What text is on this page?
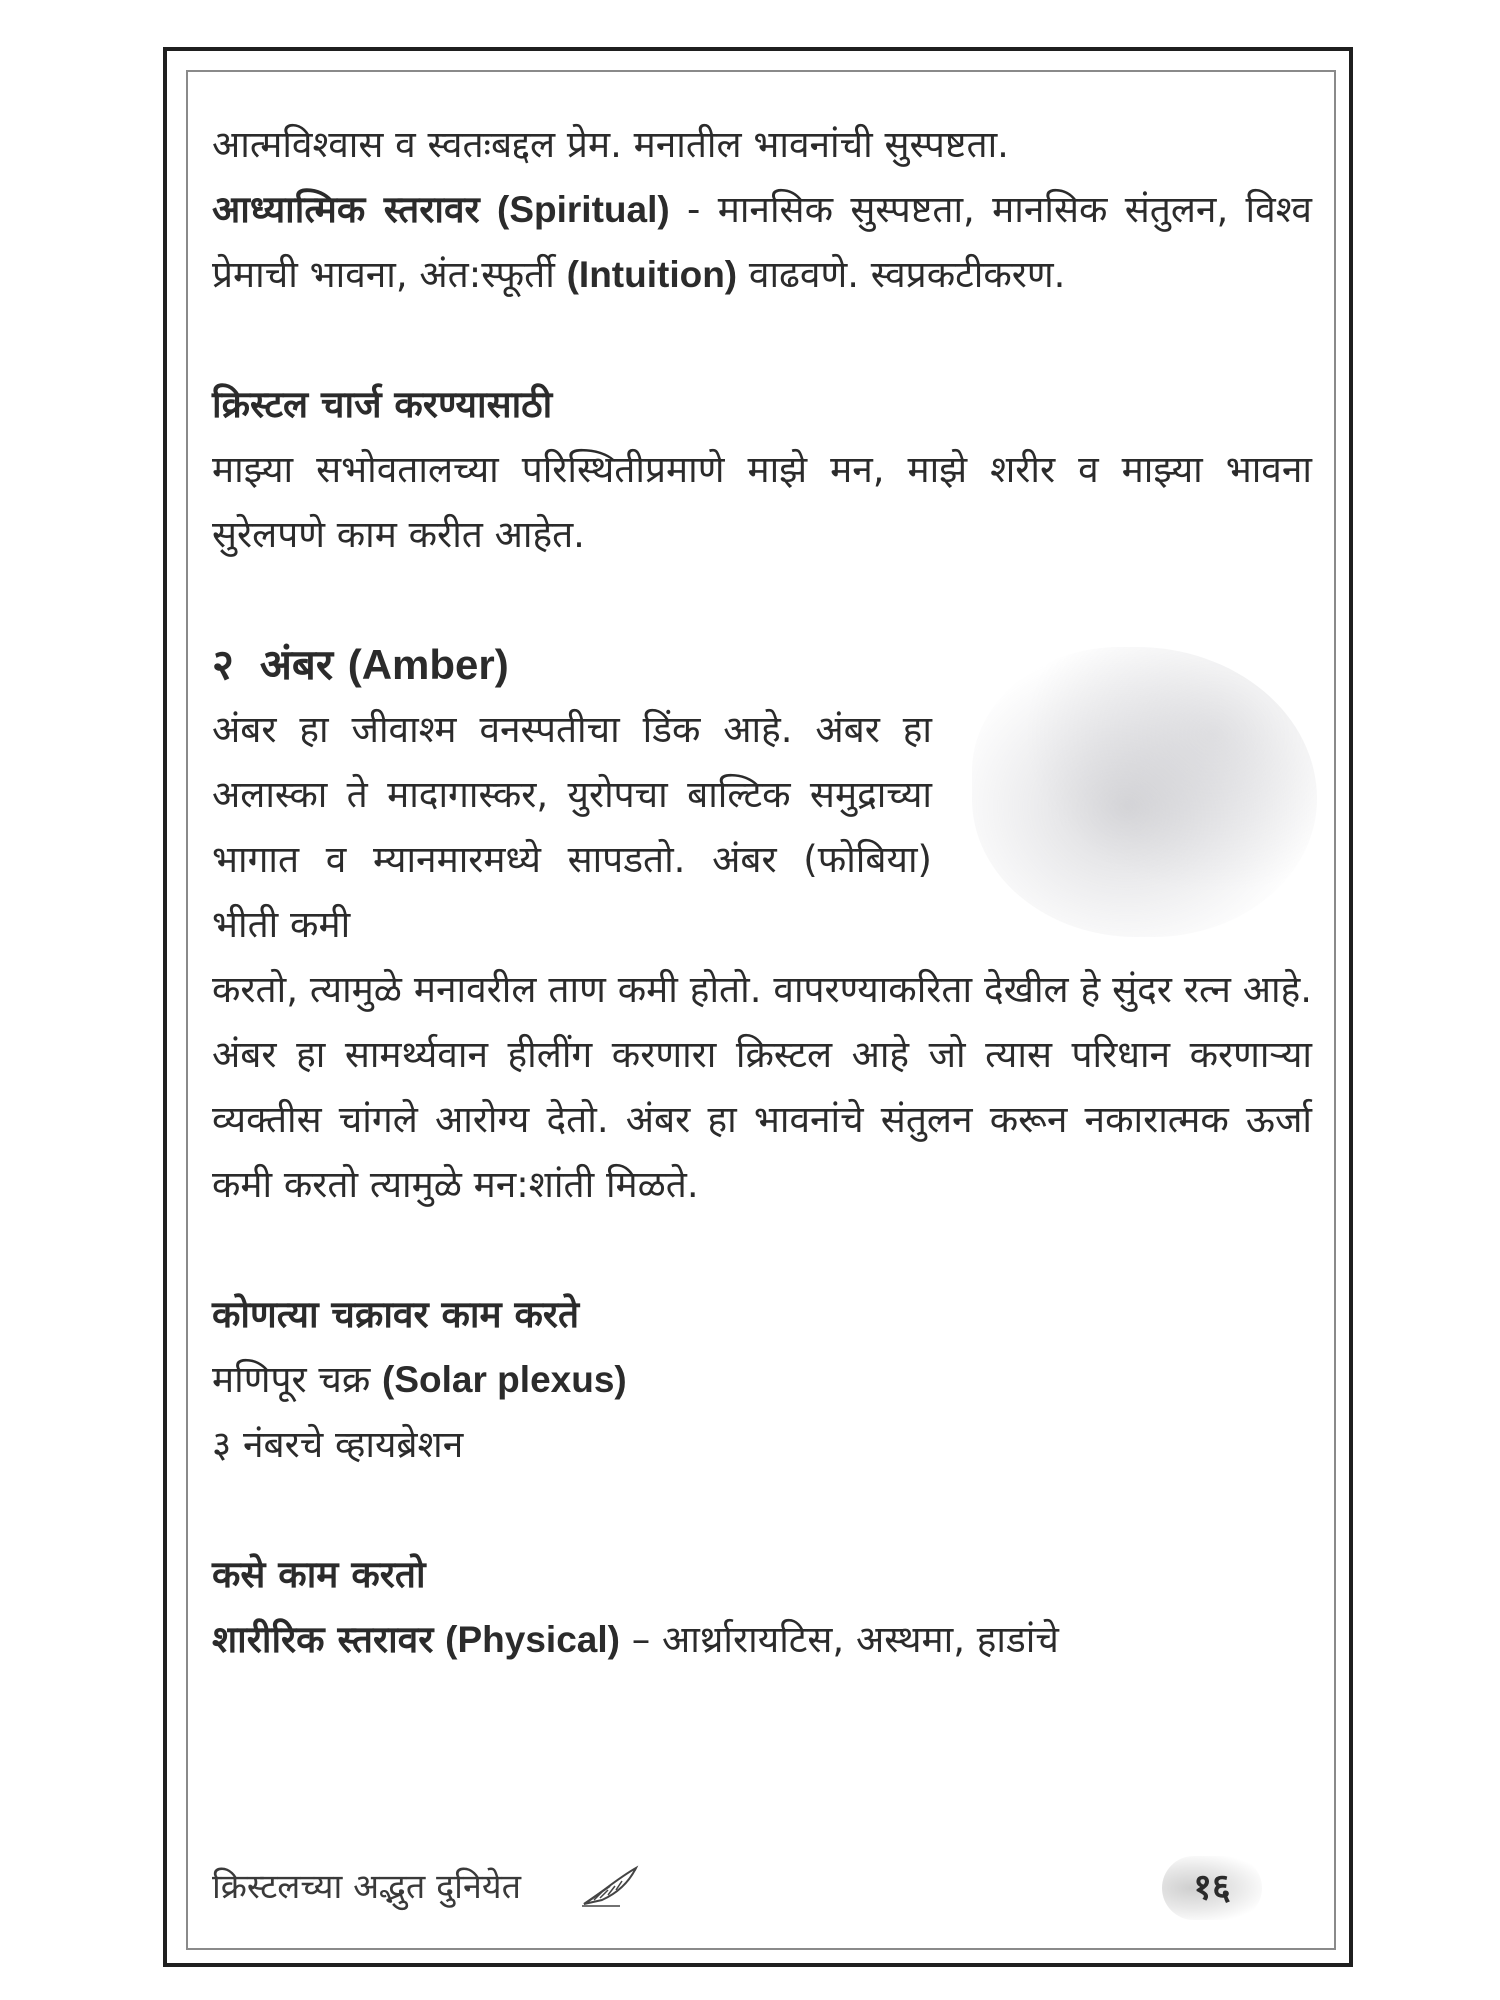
आत्मविश्वास व स्वतःबद्दल प्रेम. मनातील भावनांची सुस्पष्टता.

आध्यात्मिक स्तरावर (Spiritual) - मानसिक सुस्पष्टता, मानसिक संतुलन, विश्व प्रेमाची भावना, अंत:स्फूर्ती (Intuition) वाढवणे. स्वप्रकटीकरण.

क्रिस्टल चार्ज करण्यासाठी

माझ्या सभोवतालच्या परिस्थितीप्रमाणे माझे मन, माझे शरीर व माझ्या भावना सुरेलपणे काम करीत आहेत.

२ अंबर (Amber)

अंबर हा जीवाश्म वनस्पतीचा डिंक आहे. अंबर हा अलास्का ते मादागास्कर, युरोपचा बाल्टिक समुद्राच्या भागात व म्यानमारमध्ये सापडतो. अंबर (फोबिया) भीती कमी

करतो, त्यामुळे मनावरील ताण कमी होतो. वापरण्याकरिता देखील हे सुंदर रत्न आहे. अंबर हा सामर्थ्यवान हीलींग करणारा क्रिस्टल आहे जो त्यास परिधान करणाऱ्या व्यक्तीस चांगले आरोग्य देतो. अंबर हा भावनांचे संतुलन करून नकारात्मक ऊर्जा कमी करतो त्यामुळे मन:शांती मिळते.

कोणत्या चक्रावर काम करते

मणिपूर चक्र (Solar plexus)

३ नंबरचे व्हायब्रेशन

कसे काम करतो

शारीरिक स्तरावर (Physical) – आर्थ्रारायटिस, अस्थमा, हाडांचे

क्रिस्टलच्या अद्भुत दुनियेत	१६
